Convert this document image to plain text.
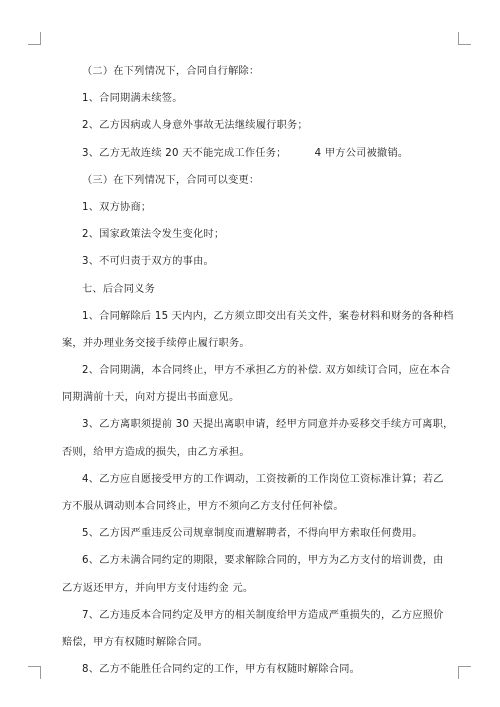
（二）在下列情况下，合同自行解除：
1、合同期满未续签。
2、乙方因病或人身意外事故无法继续履行职务；
3、乙方无故连续 20 天不能完成工作任务；	4 甲方公司被撤销。
（三）在下列情况下，合同可以变更：
1、双方协商；
2、国家政策法令发生变化时；
3、不可归责于双方的事由。
七、后合同义务
1、合同解除后 15 天内内，乙方须立即交出有关文件，案卷材料和财务的各种档
案，并办理业务交接手续停止履行职务。
2、合同期满，本合同终止，甲方不承担乙方的补偿. 双方如续订合同，应在本合
同期满前十天，向对方提出书面意见。
3、乙方离职须提前 30 天提出离职申请，经甲方同意并办妥移交手续方可离职，
否则，给甲方造成的损失，由乙方承担。
4、乙方应自愿接受甲方的工作调动，工资按新的工作岗位工资标准计算；若乙
方不服从调动则本合同终止，甲方不须向乙方支付任何补偿。
5、乙方因严重违反公司规章制度而遭解聘者，不得向甲方索取任何费用。
6、乙方未满合同约定的期限，要求解除合同的，甲方为乙方支付的培训费，由
乙方返还甲方，并向甲方支付违约金 元。
7、乙方违反本合同约定及甲方的相关制度给甲方造成严重损失的，乙方应照价
赔偿，甲方有权随时解除合同。
8、乙方不能胜任合同约定的工作，甲方有权随时解除合同。
